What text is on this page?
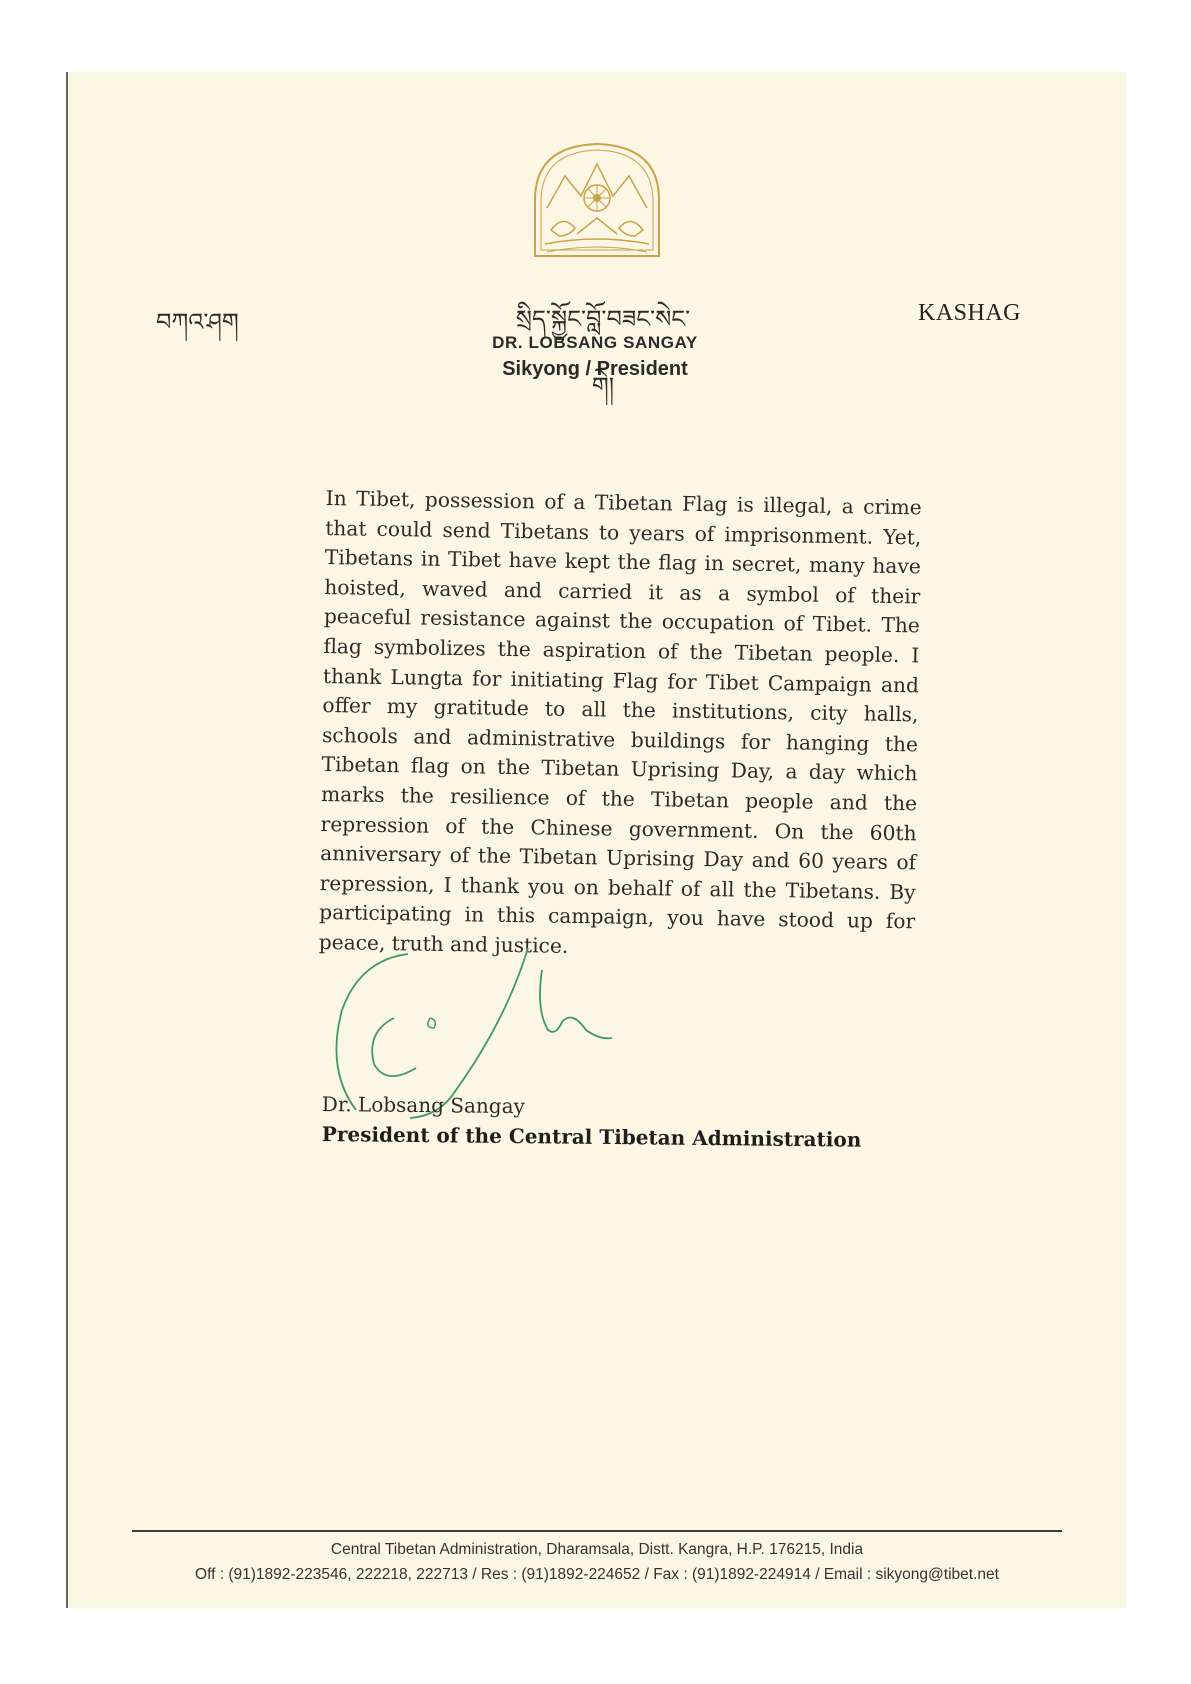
བཀའ་ཤག	སྲིད་སྐྱོང་བློ་བཟང་སེང་གེ།
KASHAG
DR. LOBSANG SANGAY
Sikyong / President

In Tibet, possession of a Tibetan Flag is illegal, a crime that could send Tibetans to years of imprisonment. Yet, Tibetans in Tibet have kept the flag in secret, many have hoisted, waved and carried it as a symbol of their peaceful resistance against the occupation of Tibet. The flag symbolizes the aspiration of the Tibetan people. I thank Lungta for initiating Flag for Tibet Campaign and offer my gratitude to all the institutions, city halls, schools and administrative buildings for hanging the Tibetan flag on the Tibetan Uprising Day, a day which marks the resilience of the Tibetan people and the repression of the Chinese government. On the 60th anniversary of the Tibetan Uprising Day and 60 years of repression, I thank you on behalf of all the Tibetans. By participating in this campaign, you have stood up for peace, truth and justice.

Dr. Lobsang Sangay
President of the Central Tibetan Administration
Central Tibetan Administration, Dharamsala, Distt. Kangra, H.P. 176215, India
Off : (91)1892-223546, 222218, 222713 / Res : (91)1892-224652 / Fax : (91)1892-224914 / Email : sikyong@tibet.net
